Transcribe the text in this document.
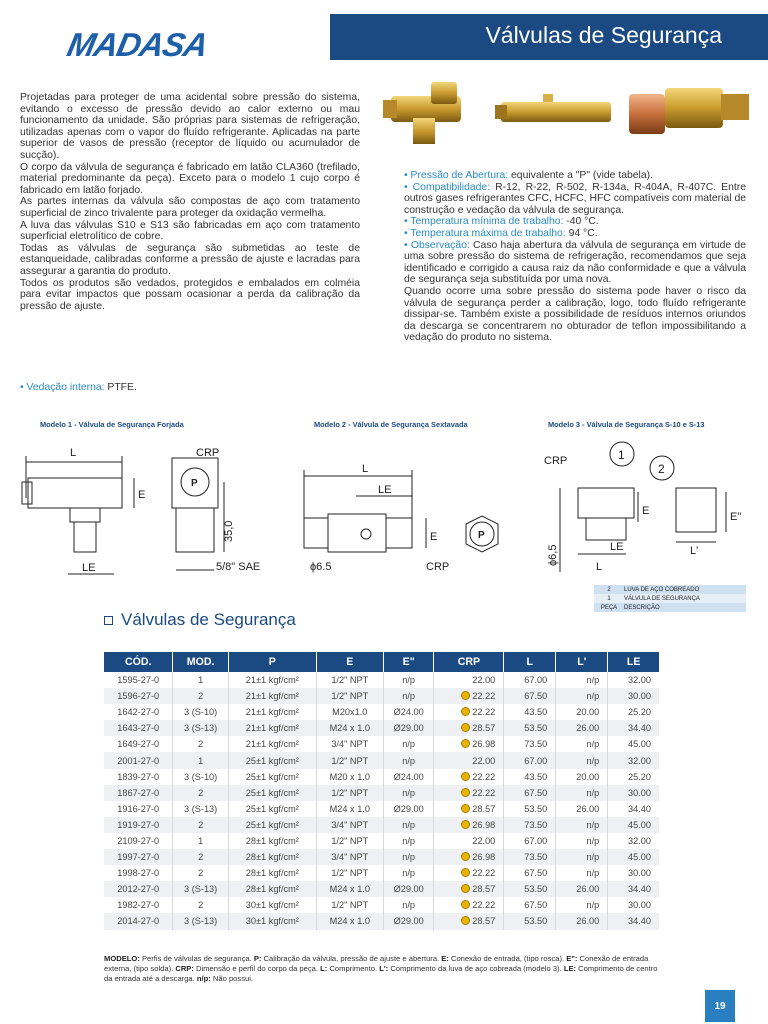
MADASA	Válvulas de Segurança

Projetadas para proteger de uma acidental sobre pressão do sistema, evitando o excesso de pressão devido ao calor externo ou mau funcionamento da unidade. São próprias para sistemas de refrigeração, utilizadas apenas com o vapor do fluído refrigerante. Aplicadas na parte superior de vasos de pressão (receptor de líquido ou acumulador de sucção).

O corpo da válvula de segurança é fabricado em latão CLA360 (trefilado, material predominante da peça). Exceto para o modelo 1 cujo corpo é fabricado em latão forjado.

As partes internas da válvula são compostas de aço com tratamento superficial de zinco trivalente para proteger da oxidação vermelha.

A luva das válvulas S10 e S13 são fabricadas em aço com tratamento superficial eletrolítico de cobre.

Todas as válvulas de segurança são submetidas ao teste de estanqueidade, calibradas conforme a pressão de ajuste e lacradas para assegurar a garantia do produto.

Todos os produtos são vedados, protegidos e embalados em colméia para evitar impactos que possam ocasionar a perda da calibração da pressão de ajuste.

• Vedação interna: PTFE.

• Pressão de Abertura: equivalente a "P" (vide tabela).

• Compatibilidade: R-12, R-22, R-502, R-134a, R-404A, R-407C. Entre outros gases refrigerantes CFC, HCFC, HFC compatíveis com material de construção e vedação da válvula de segurança.

• Temperatura mínima de trabalho: -40 °C.

• Temperatura máxima de trabalho: 94 °C.

• Observação: Caso haja abertura da válvula de segurança em virtude de uma sobre pressão do sistema de refrigeração, recomendamos que seja identificado e corrigido a causa raiz da não conformidade e que a válvula de segurança seja substituída por uma nova.

Quando ocorre uma sobre pressão do sistema pode haver o risco da válvula de segurança perder a calibração, logo, todo fluído refrigerante dissipar-se. Também existe a possibilidade de resíduos internos oriundos da descarga se concentrarem no obturador de teflon impossibilitando a vedação do produto no sistema.

Modelo 1 - Válvula de Segurança Forjada	Modelo 2 - Válvula de Segurança Sextavada	Modelo 3 - Válvula de Segurança S-10 e S-13
L
E
LE
CRP
P
35,0
5/8" SAE
L
LE
E
ϕ6.5	CRP
P
CRP	1
2
E
LE
L
ϕ6,5
E"
L'
2	LUVA DE AÇO COBREADO
1	VÁLVULA DE SEGURANÇA
PEÇA	DESCRIÇÃO
Válvulas de Segurança
CÓD.	MOD.	P	E	E"	CRP	L	L'	LE
1595-27-0	1	21±1 kgf/cm²	1/2" NPT	n/p	22.00	67.00	n/p	32.00
1596-27-0	2	21±1 kgf/cm²	1/2" NPT	n/p	22.22	67.50	n/p	30.00
1642-27-0	3 (S-10)	21±1 kgf/cm²	M20x1.0	Ø24.00	22.22	43.50	20.00	25.20
1643-27-0	3 (S-13)	21±1 kgf/cm²	M24 x 1.0	Ø29.00	28.57	53.50	26.00	34.40
1649-27-0	2	21±1 kgf/cm²	3/4" NPT	n/p	26.98	73.50	n/p	45.00
2001-27-0	1	25±1 kgf/cm²	1/2" NPT	n/p	22.00	67.00	n/p	32.00
1839-27-0	3 (S-10)	25±1 kgf/cm²	M20 x 1.0	Ø24.00	22.22	43.50	20.00	25.20
1867-27-0	2	25±1 kgf/cm²	1/2" NPT	n/p	22.22	67.50	n/p	30.00
1916-27-0	3 (S-13)	25±1 kgf/cm²	M24 x 1.0	Ø29.00	28.57	53.50	26.00	34.40
1919-27-0	2	25±1 kgf/cm²	3/4" NPT	n/p	26.98	73.50	n/p	45.00
2109-27-0	1	28±1 kgf/cm²	1/2" NPT	n/p	22.00	67.00	n/p	32.00
1997-27-0	2	28±1 kgf/cm²	3/4" NPT	n/p	26.98	73.50	n/p	45.00
1998-27-0	2	28±1 kgf/cm²	1/2" NPT	n/p	22.22	67.50	n/p	30.00
2012-27-0	3 (S-13)	28±1 kgf/cm²	M24 x 1.0	Ø29.00	28.57	53.50	26.00	34.40
1982-27-0	2	30±1 kgf/cm²	1/2" NPT	n/p	22.22	67.50	n/p	30.00
2014-27-0	3 (S-13)	30±1 kgf/cm²	M24 x 1.0	Ø29.00	28.57	53.50	26.00	34.40
MODELO: Perfis de válvulas de segurança. P: Calibração da válvula, pressão de ajuste e abertura. E: Conexão de entrada, (tipo rosca). E": Conexão de entrada externa, (tipo solda). CRP: Dimensão e perfil do corpo da peça. L: Comprimento. L': Comprimento da luva de aço cobreada (modelo 3). LE: Comprimento de centro da entrada até a descarga. n/p: Não possui.
19
